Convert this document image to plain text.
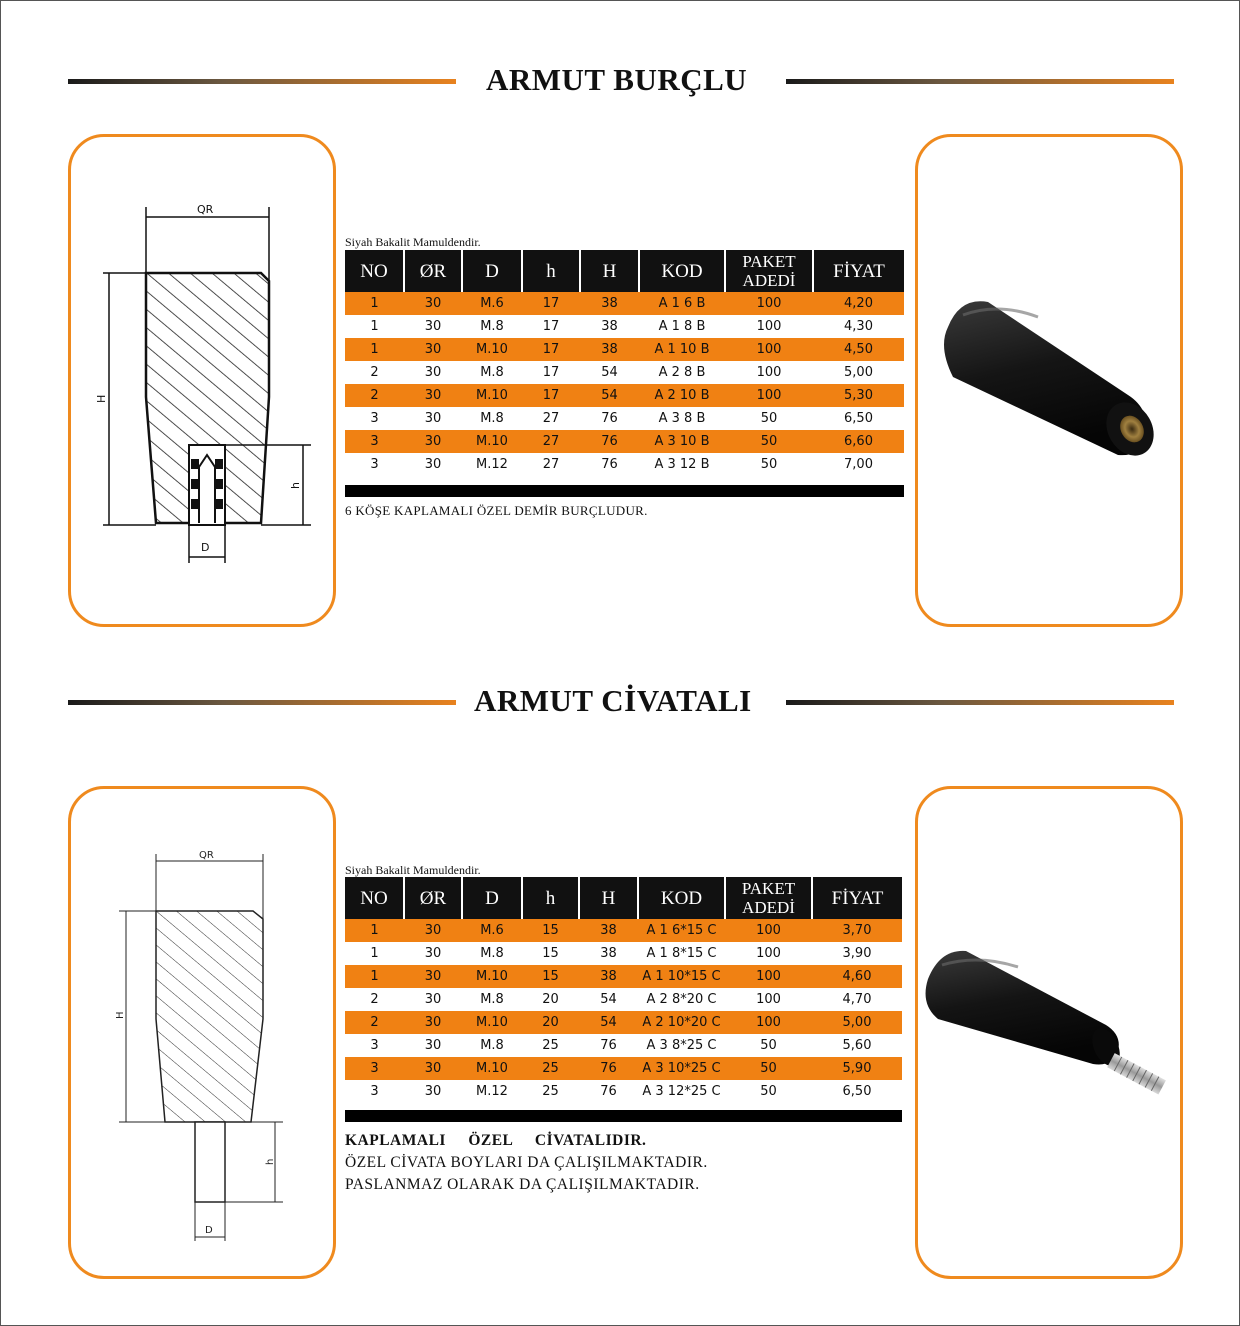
ARMUT BURÇLU
QR
H
h
D
Siyah Bakalit Mamuldendir.
NO	ØR	D	h	H	KOD	PAKET ADEDİ	FİYAT
1	30	M.6	17	38	A 1 6 B	100	4,20
1	30	M.8	17	38	A 1 8 B	100	4,30
1	30	M.10	17	38	A 1 10 B	100	4,50
2	30	M.8	17	54	A 2 8 B	100	5,00
2	30	M.10	17	54	A 2 10 B	100	5,30
3	30	M.8	27	76	A 3 8 B	50	6,50
3	30	M.10	27	76	A 3 10 B	50	6,60
3	30	M.12	27	76	A 3 12 B	50	7,00
6 KÖŞE KAPLAMALI ÖZEL DEMİR BURÇLUDUR.
ARMUT CİVATALI
QR
H
h
D
Siyah Bakalit Mamuldendir.
NO	ØR	D	h	H	KOD	PAKET ADEDİ	FİYAT
1	30	M.6	15	38	A 1 6*15 C	100	3,70
1	30	M.8	15	38	A 1 8*15 C	100	3,90
1	30	M.10	15	38	A 1 10*15 C	100	4,60
2	30	M.8	20	54	A 2 8*20 C	100	4,70
2	30	M.10	20	54	A 2 10*20 C	100	5,00
3	30	M.8	25	76	A 3 8*25 C	50	5,60
3	30	M.10	25	76	A 3 10*25 C	50	5,90
3	30	M.12	25	76	A 3 12*25 C	50	6,50
KAPLAMALI ÖZEL CİVATALIDIR.
ÖZEL CİVATA BOYLARI DA ÇALIŞILMAKTADIR.
PASLANMAZ OLARAK DA ÇALIŞILMAKTADIR.
